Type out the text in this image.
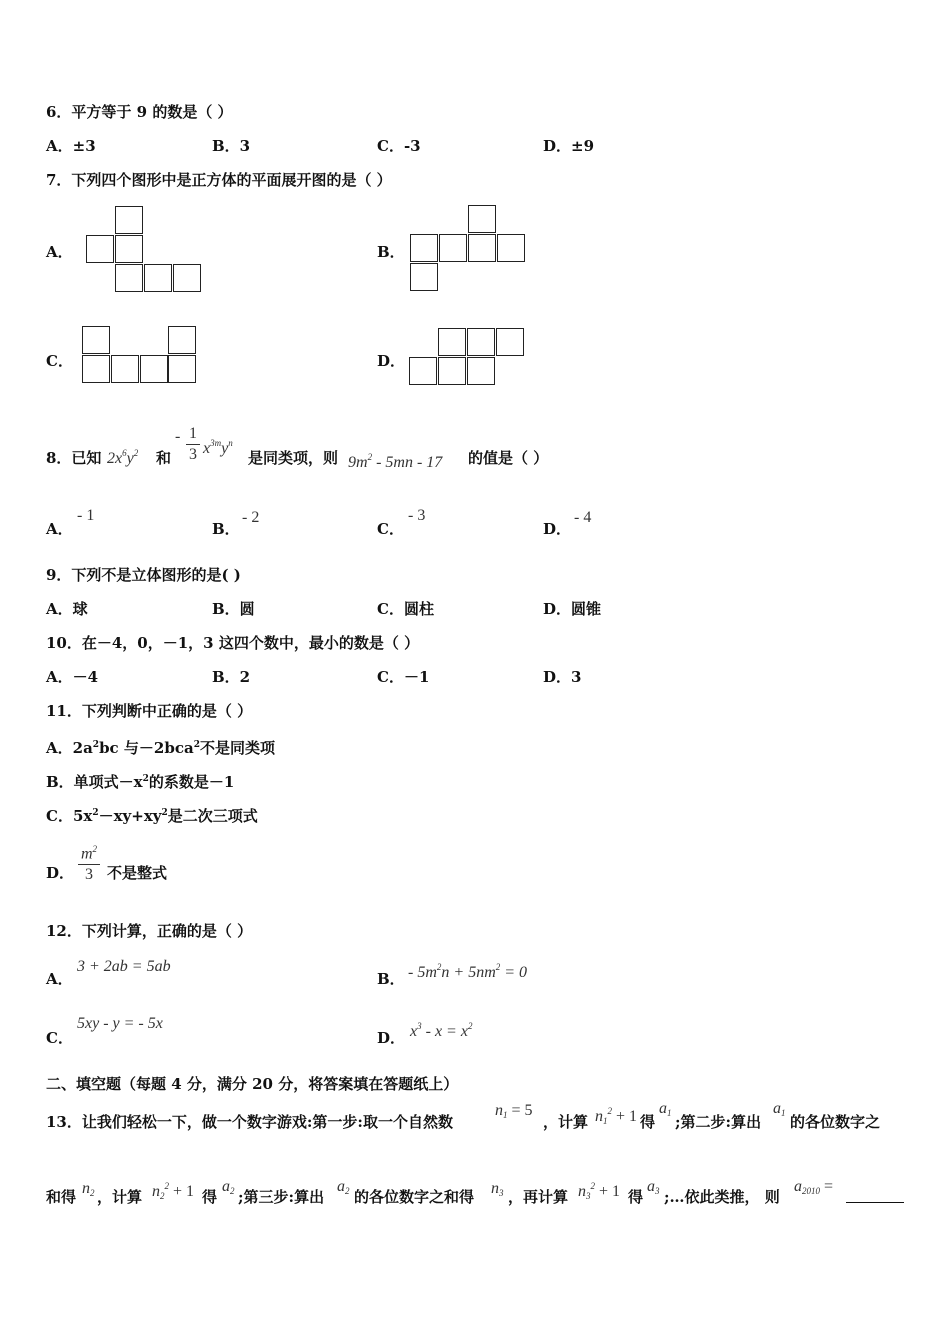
6．平方等于 9 的数是（ ）
A．±3	B．3	C．-3	D．±9
7．下列四个图形中是正方体的平面展开图的是（ ）
A．	B．
C．	D．
8．已知 $2x^6y^2$ 和
- 1
3 $x^{3m}y^n$
是同类项，则 $9m^2 - 5mn - 17$ 的值是（ ）
A．
- 1
B．
- 2
C．
- 3
D．
- 4
9．下列不是立体图形的是( )
A．球	B．圆	C．圆柱	D．圆锥
10．在－4，0，－1，3 这四个数中，最小的数是（ ）
A．－4	B．2	C．－1	D．3
11．下列判断中正确的是（ ）
A．$2a^2bc$ 与－2bca$^2$不是同类项
B．单项式$-x^2$的系数是－1
C．$5x^2-xy+xy^2$是二次三项式
D．
$m^2$
3 不是整式
12．下列计算，正确的是（ ）
A．
3 + 2ab = 5ab
B． - $5m^2n + 5nm^2 = 0$
C．
5xy - y = - 5x
D． $x^3 - x = x^2$
二、填空题（每题 4 分，满分 20 分，将答案填在答题纸上）
13．让我们轻松一下，做一个数字游戏:第一步:取一个自然数
$n_1 = 5$
，计算 $n_1^2 + 1$ 得
$a_1$ ;第二步:算出
$a_1$ 的各位数字之
和得 $n_2$ ，计算 $n_2^2 + 1$ 得
$a_2$ ;第三步:算出
$a_2$ 的各位数字之和得 $n_3$ ，再计算 $n_3^2 + 1$ 得
$a_3$ ;…依此类推， 则
$a_{2010}$ =
